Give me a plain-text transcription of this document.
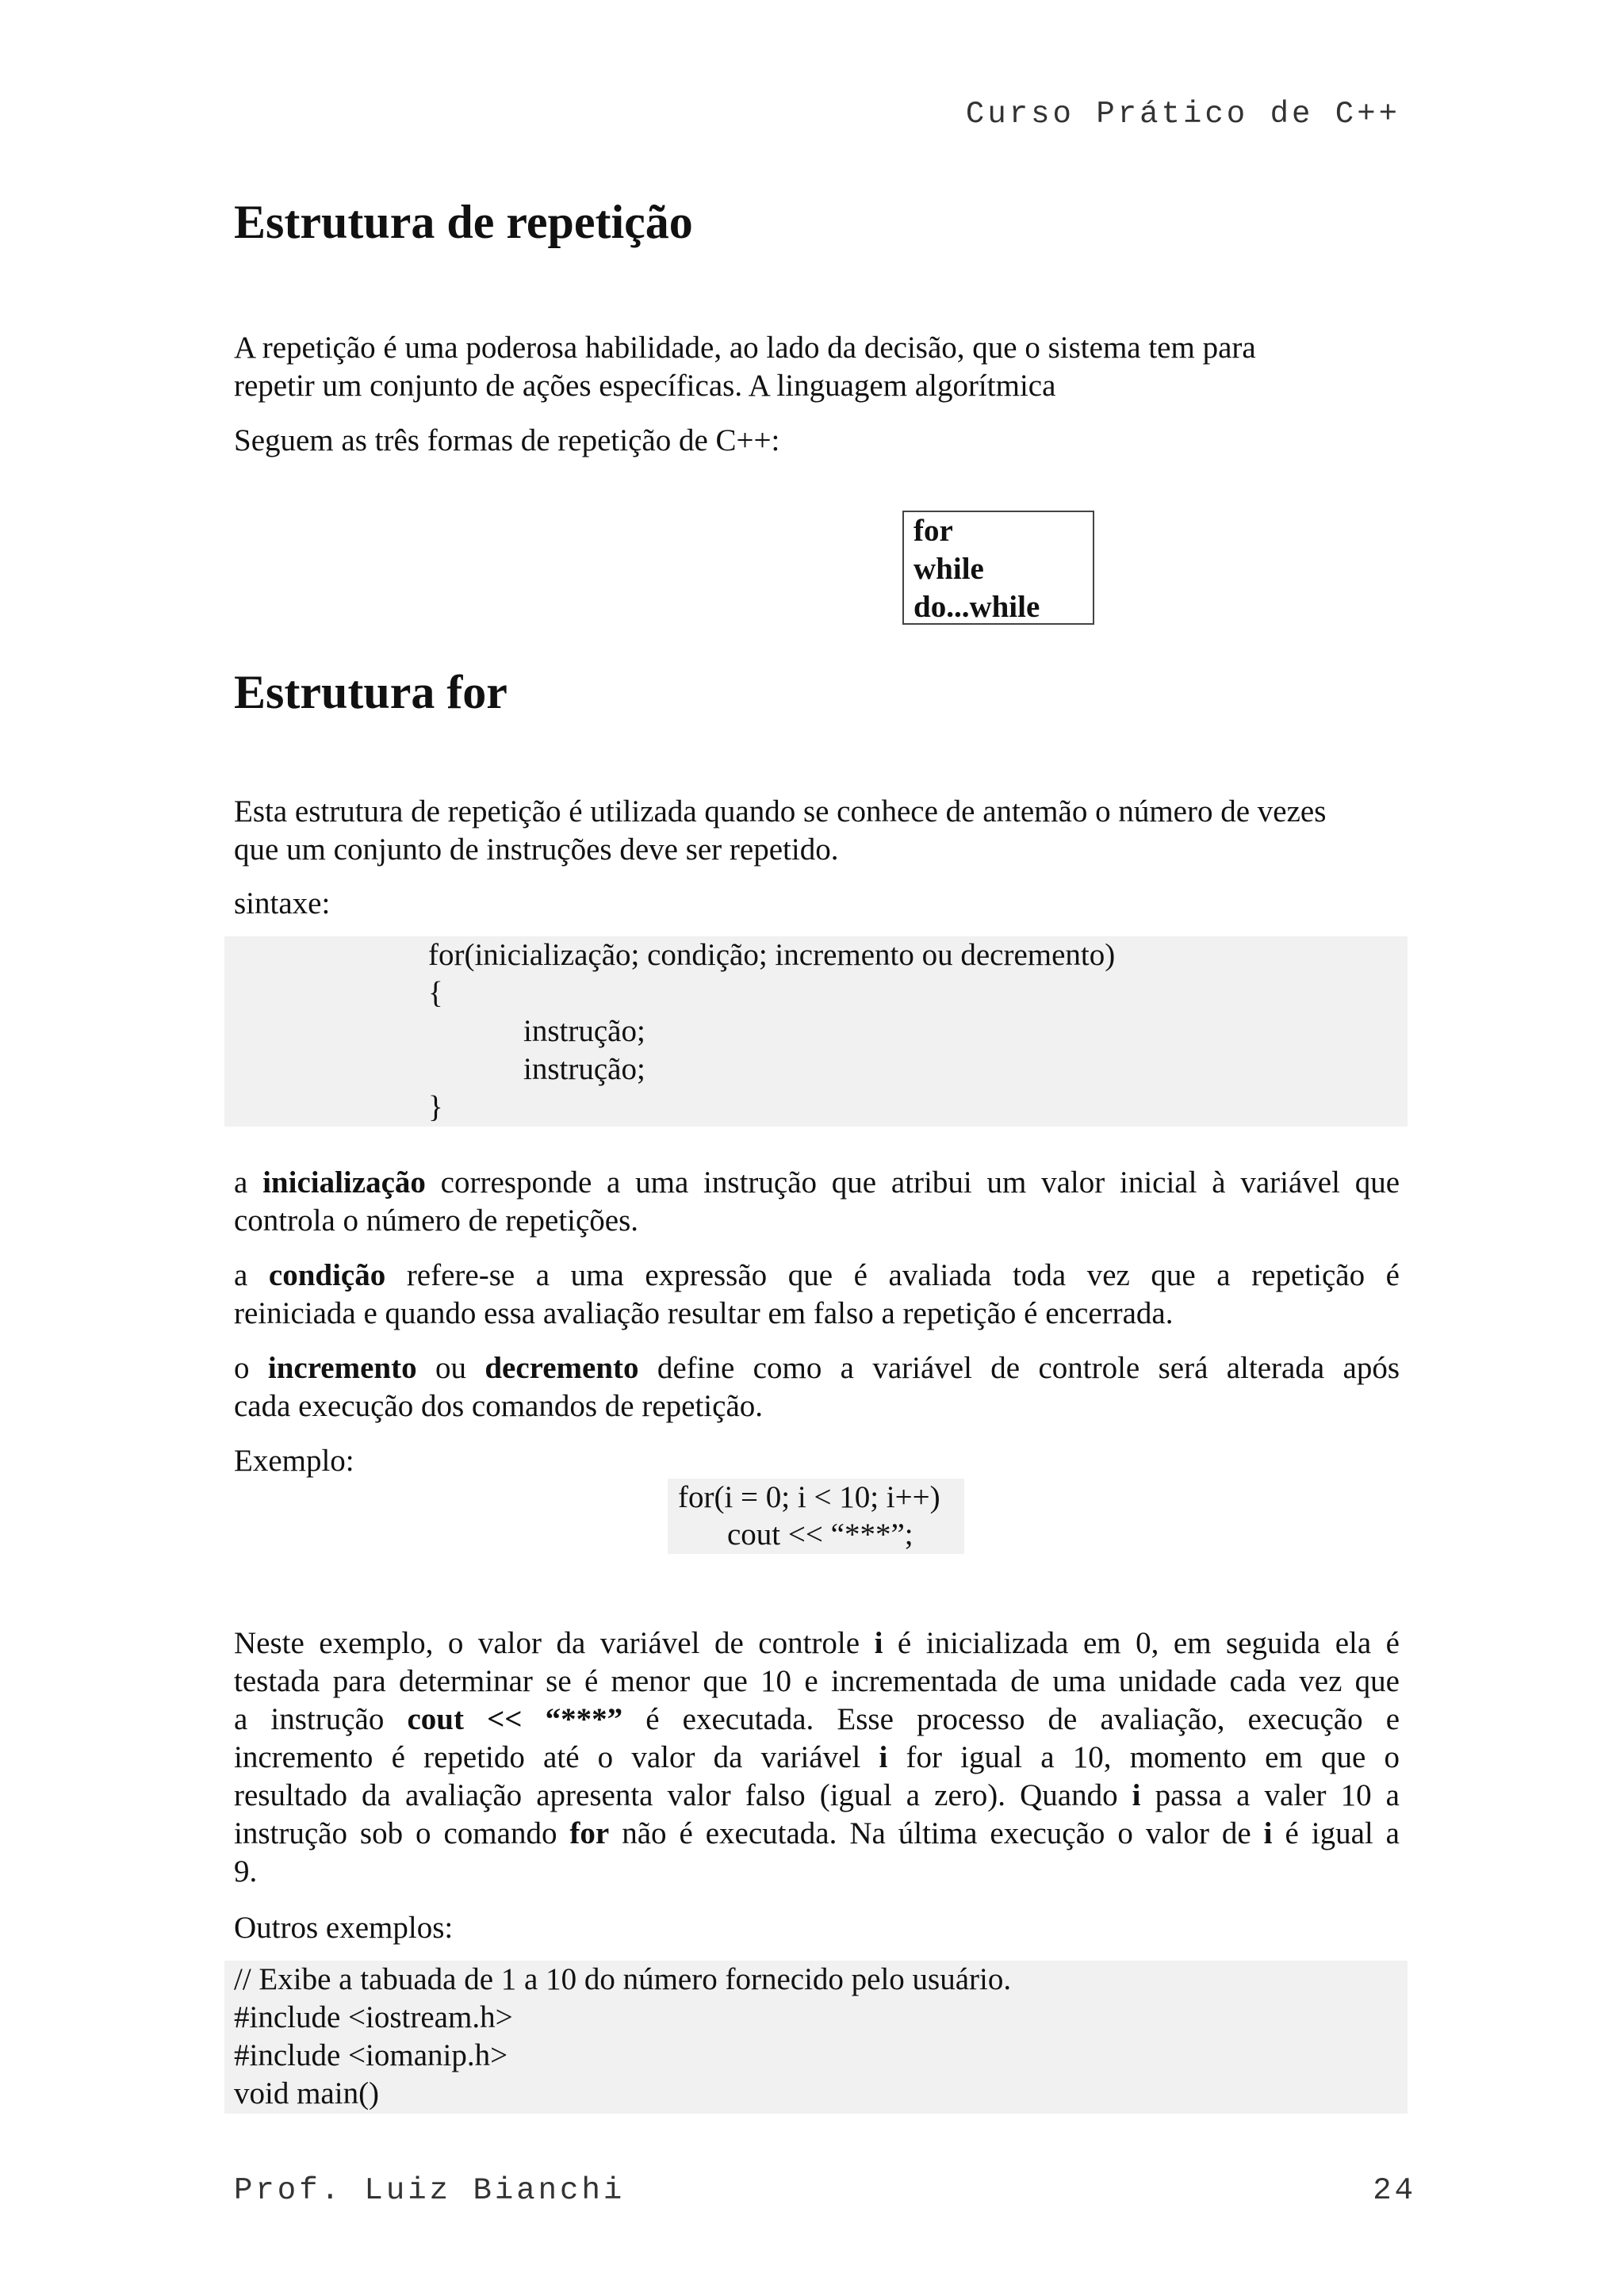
Curso Prático de C++
Estrutura de repetição
A repetição é uma poderosa habilidade, ao lado da decisão, que o sistema tem para
repetir um conjunto de ações específicas. A linguagem algorítmica
Seguem as três formas de repetição de C++:
for
while
do...while
Estrutura for
Esta estrutura de repetição é utilizada quando se conhece de antemão o número de vezes
que um conjunto de instruções deve ser repetido.
sintaxe:
for(inicialização; condição; incremento ou decremento)
{
instrução;
instrução;
}
a inicialização corresponde a uma instrução que atribui um valor inicial à variável que
controla o número de repetições.
a condição refere-se a uma expressão que é avaliada toda vez que a repetição é
reiniciada e quando essa avaliação resultar em falso a repetição é encerrada.
o incremento ou decremento define como a variável de controle será alterada após
cada execução dos comandos de repetição.
Exemplo:
for(i = 0; i < 10; i++)
cout << “***”;
Neste exemplo, o valor da variável de controle i é inicializada em 0, em seguida ela é
testada para determinar se é menor que 10 e incrementada de uma unidade cada vez que
a instrução cout << “***” é executada. Esse processo de avaliação, execução e
incremento é repetido até o valor da variável i for igual a 10, momento em que o
resultado da avaliação apresenta valor falso (igual a zero). Quando i passa a valer 10 a
instrução sob o comando for não é executada. Na última execução o valor de i é igual a
9.
Outros exemplos:
// Exibe a tabuada de 1 a 10 do número fornecido pelo usuário.
#include <iostream.h>
#include <iomanip.h>
void main()
Prof. Luiz Bianchi	24
